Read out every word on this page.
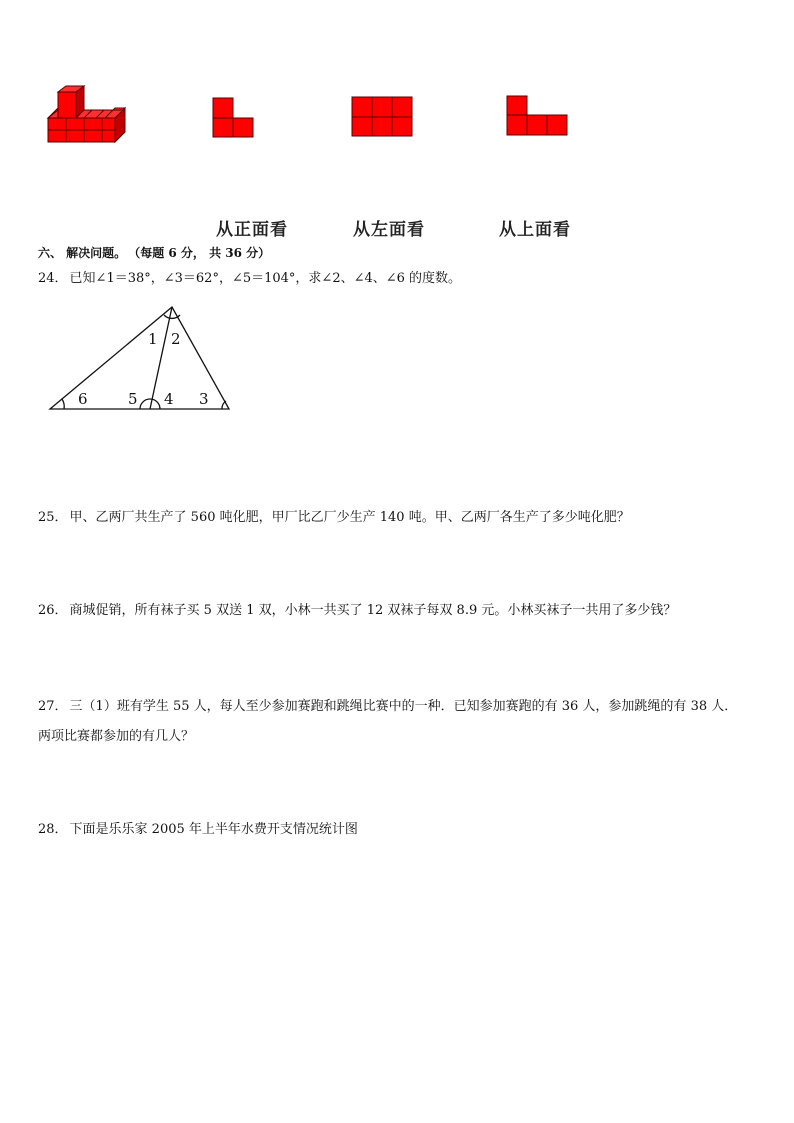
从正面看	从左面看	从上面看
六、 解决问题。 （每题 6 分， 共 36 分）
24． 已知∠1＝38°，∠3＝62°，∠5＝104°，求∠2、∠4、∠6 的度数。
1 2
3
4
5
6
25． 甲、乙两厂共生产了 560 吨化肥，甲厂比乙厂少生产 140 吨。甲、乙两厂各生产了多少吨化肥？
26． 商城促销，所有袜子买 5 双送 1 双，小林一共买了 12 双袜子每双 8.9 元。小林买袜子一共用了多少钱？
27． 三（1）班有学生 55 人，每人至少参加赛跑和跳绳比赛中的一种．已知参加赛跑的有 36 人，参加跳绳的有 38 人．两项比赛都参加的有几人？
28． 下面是乐乐家 2005 年上半年水费开支情况统计图
